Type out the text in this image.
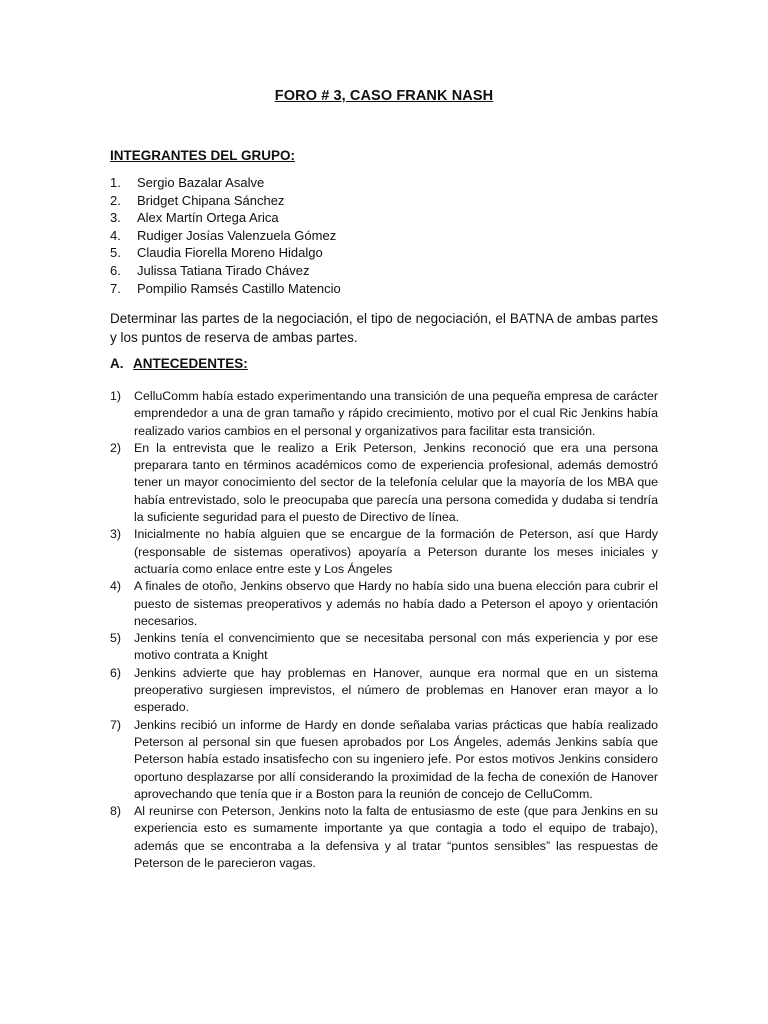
FORO # 3, CASO FRANK NASH
INTEGRANTES DEL GRUPO:
1. Sergio Bazalar Asalve
2. Bridget Chipana Sánchez
3. Alex Martín Ortega Arica
4. Rudiger Josías Valenzuela Gómez
5. Claudia Fiorella Moreno Hidalgo
6. Julissa Tatiana Tirado Chávez
7. Pompilio Ramsés Castillo Matencio

Determinar las partes de la negociación, el tipo de negociación, el BATNA de ambas partes y los puntos de reserva de ambas partes.

A. ANTECEDENTES:
1) CelluComm había estado experimentando una transición de una pequeña empresa de carácter emprendedor a una de gran tamaño y rápido crecimiento, motivo por el cual Ric Jenkins había realizado varios cambios en el personal y organizativos para facilitar esta transición.
2) En la entrevista que le realizo a Erik Peterson, Jenkins reconoció que era una persona preparara tanto en términos académicos como de experiencia profesional, además demostró tener un mayor conocimiento del sector de la telefonía celular que la mayoría de los MBA que había entrevistado, solo le preocupaba que parecía una persona comedida y dudaba si tendría la suficiente seguridad para el puesto de Directivo de línea.
3) Inicialmente no había alguien que se encargue de la formación de Peterson, así que Hardy (responsable de sistemas operativos) apoyaría a Peterson durante los meses iniciales y actuaría como enlace entre este y Los Ángeles
4) A finales de otoño, Jenkins observo que Hardy no había sido una buena elección para cubrir el puesto de sistemas preoperativos y además no había dado a Peterson el apoyo y orientación necesarios.
5) Jenkins tenía el convencimiento que se necesitaba personal con más experiencia y por ese motivo contrata a Knight
6) Jenkins advierte que hay problemas en Hanover, aunque era normal que en un sistema preoperativo surgiesen imprevistos, el número de problemas en Hanover eran mayor a lo esperado.
7) Jenkins recibió un informe de Hardy en donde señalaba varias prácticas que había realizado Peterson al personal sin que fuesen aprobados por Los Ángeles, además Jenkins sabía que Peterson había estado insatisfecho con su ingeniero jefe. Por estos motivos Jenkins considero oportuno desplazarse por allí considerando la proximidad de la fecha de conexión de Hanover aprovechando que tenía que ir a Boston para la reunión de concejo de CelluComm.
8) Al reunirse con Peterson, Jenkins noto la falta de entusiasmo de este (que para Jenkins en su experiencia esto es sumamente importante ya que contagia a todo el equipo de trabajo), además que se encontraba a la defensiva y al tratar “puntos sensibles” las respuestas de Peterson de le parecieron vagas.
